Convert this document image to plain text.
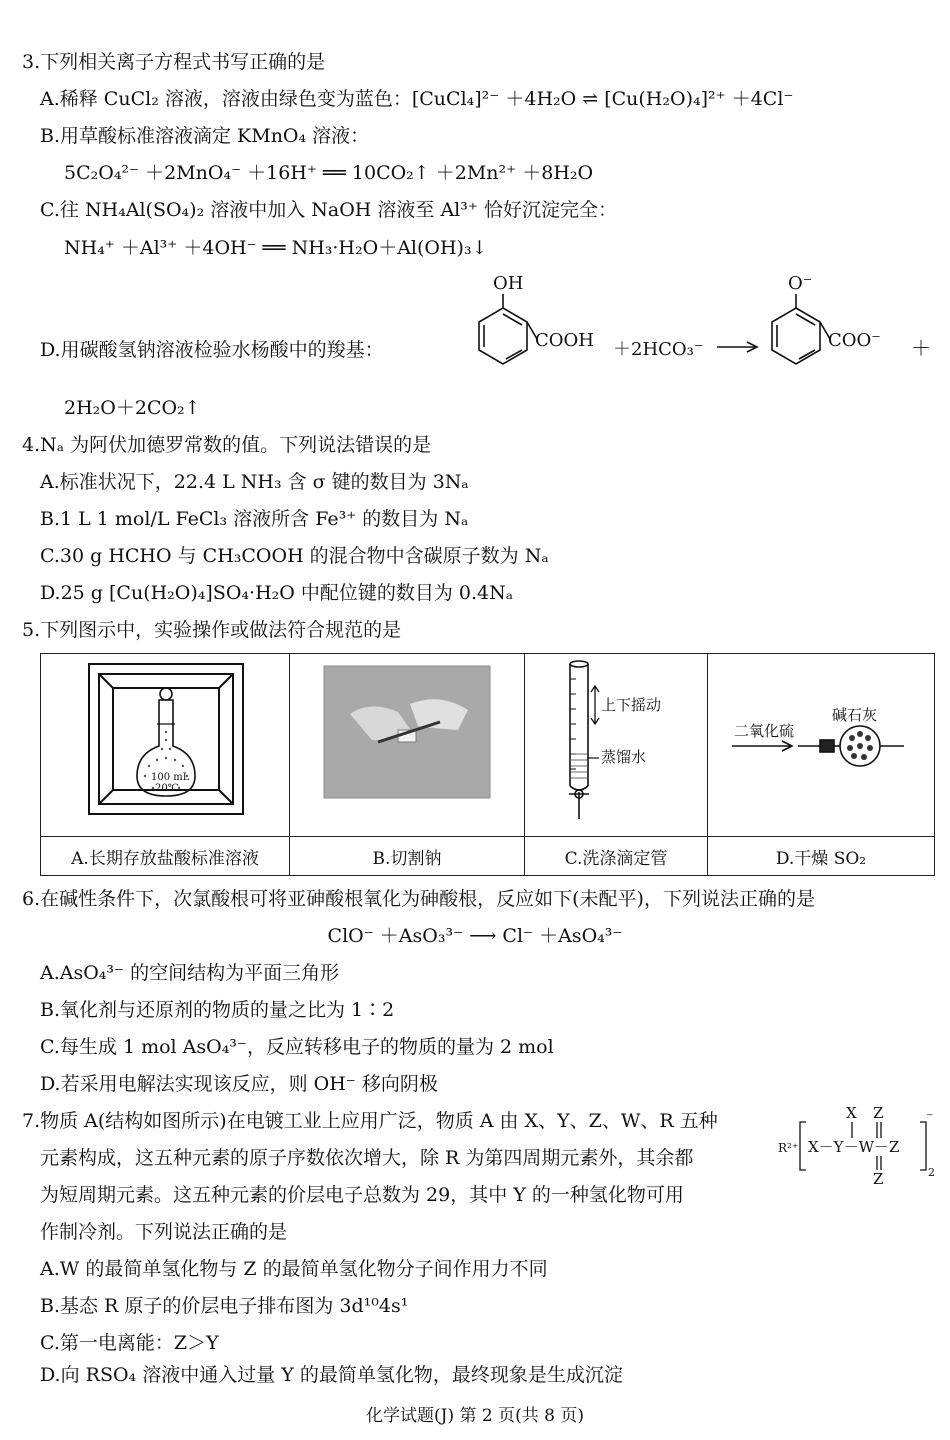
3.下列相关离子方程式书写正确的是
A.稀释 CuCl₂ 溶液，溶液由绿色变为蓝色：[CuCl₄]²⁻ ＋4H₂O ⇌ [Cu(H₂O)₄]²⁺ ＋4Cl⁻
B.用草酸标准溶液滴定 KMnO₄ 溶液：
5C₂O₄²⁻ ＋2MnO₄⁻ ＋16H⁺ ══ 10CO₂↑ ＋2Mn²⁺ ＋8H₂O
C.往 NH₄Al(SO₄)₂ 溶液中加入 NaOH 溶液至 Al³⁺ 恰好沉淀完全：
NH₄⁺ ＋Al³⁺ ＋4OH⁻ ══ NH₃·H₂O＋Al(OH)₃↓
D.用碳酸氢钠溶液检验水杨酸中的羧基：
OH
COOH ＋2HCO₃⁻
O⁻
COO⁻ ＋
2H₂O＋2CO₂↑
4.Nₐ 为阿伏加德罗常数的值。下列说法错误的是
A.标准状况下，22.4 L NH₃ 含 σ 键的数目为 3Nₐ
B.1 L 1 mol/L FeCl₃ 溶液所含 Fe³⁺ 的数目为 Nₐ
C.30 g HCHO 与 CH₃COOH 的混合物中含碳原子数为 Nₐ
D.25 g [Cu(H₂O)₄]SO₄·H₂O 中配位键的数目为 0.4Nₐ
5.下列图示中，实验操作或做法符合规范的是
100 mL
20℃		上下摇动
蒸馏水	二氧化硫
碱石灰

A.长期存放盐酸标准溶液	B.切割钠	C.洗涤滴定管	D.干燥 SO₂
6.在碱性条件下，次氯酸根可将亚砷酸根氧化为砷酸根，反应如下(未配平)，下列说法正确的是
ClO⁻ ＋AsO₃³⁻ ⟶ Cl⁻ ＋AsO₄³⁻
A.AsO₄³⁻ 的空间结构为平面三角形
B.氧化剂与还原剂的物质的量之比为 1∶2
C.每生成 1 mol AsO₄³⁻，反应转移电子的物质的量为 2 mol
D.若采用电解法实现该反应，则 OH⁻ 移向阴极
7.物质 A(结构如图所示)在电镀工业上应用广泛，物质 A 由 X、Y、Z、W、R 五种
元素构成，这五种元素的原子序数依次增大，除 R 为第四周期元素外，其余都
为短周期元素。这五种元素的价层电子总数为 29，其中 Y 的一种氢化物可用
作制冷剂。下列说法正确的是
R²⁺
X Z
X－Y－W－Z
Z
⁻
2
A.W 的最简单氢化物与 Z 的最简单氢化物分子间作用力不同
B.基态 R 原子的价层电子排布图为 3d¹⁰4s¹
C.第一电离能：Z＞Y
D.向 RSO₄ 溶液中通入过量 Y 的最简单氢化物，最终现象是生成沉淀
化学试题(J) 第 2 页(共 8 页)
